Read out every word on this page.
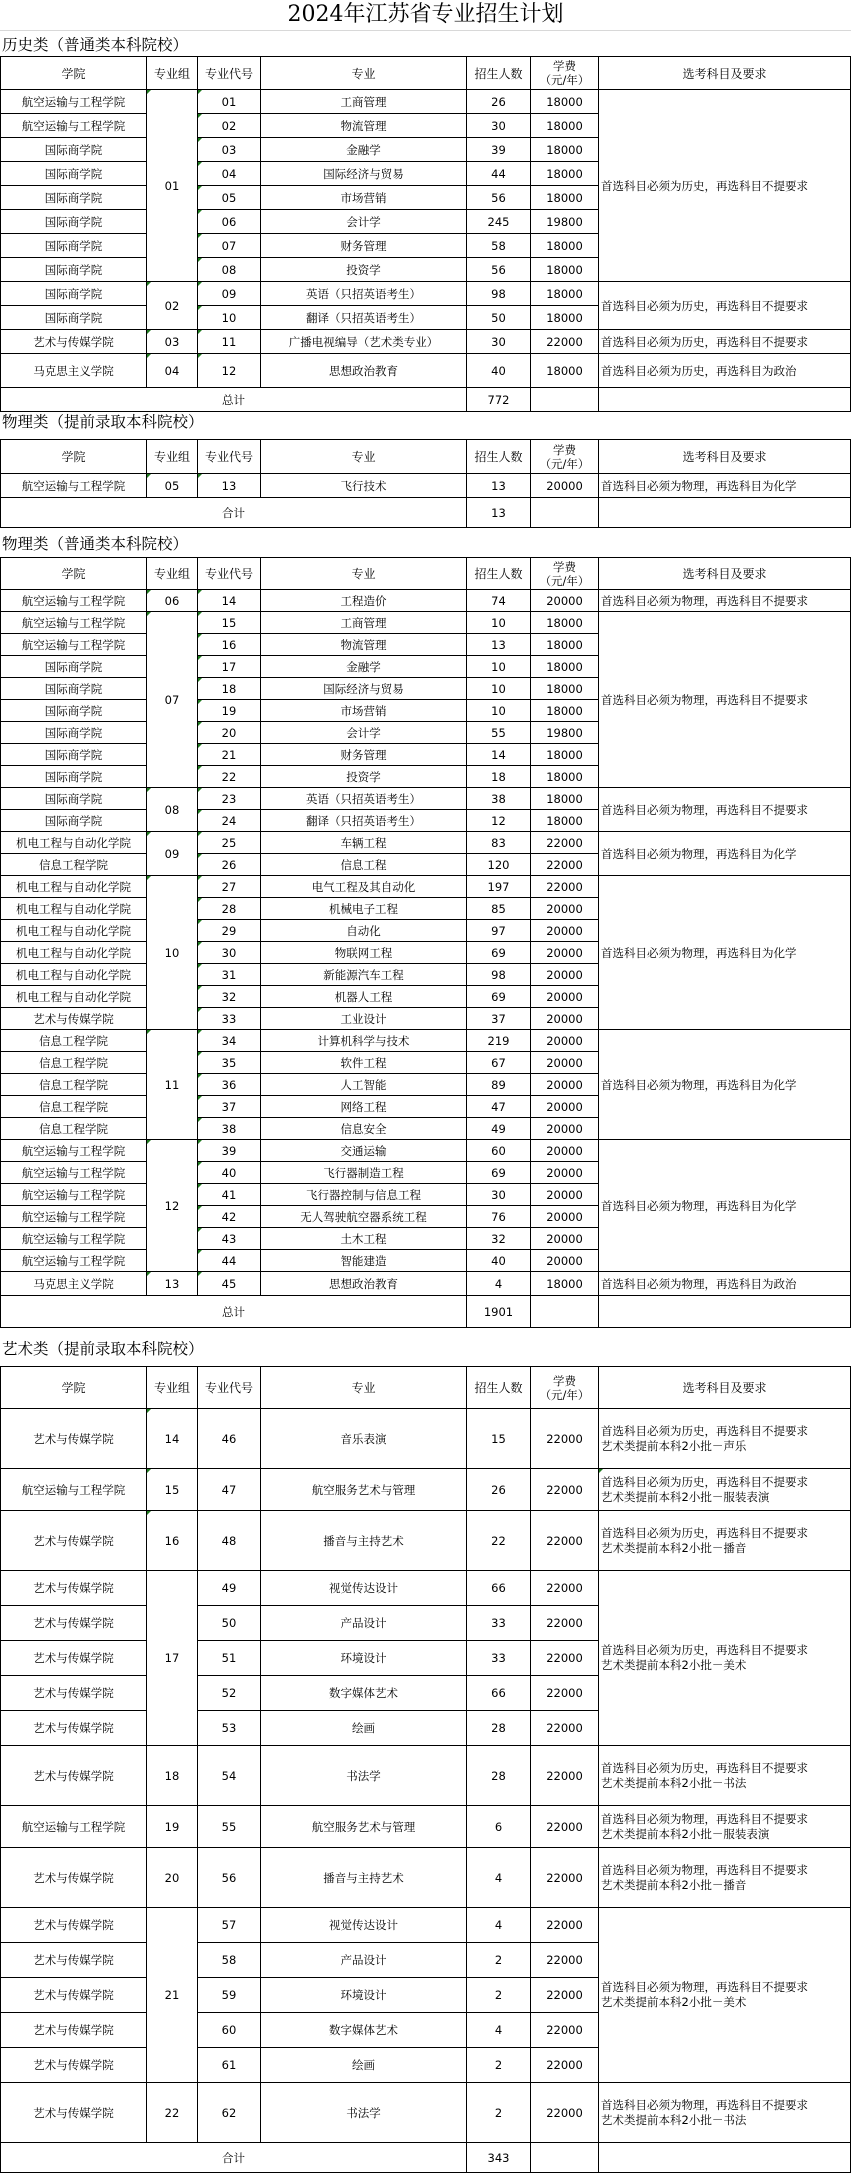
2024年江苏省专业招生计划
历史类（普通类本科院校）
学院	专业组	专业代号	专业	招生人数	学费
（元/年）	选考科目及要求
航空运输与工程学院	01	01	工商管理	26	18000	首选科目必须为历史，再选科目不提要求
航空运输与工程学院		02	物流管理	30	18000	
国际商学院		03	金融学	39	18000	
国际商学院		04	国际经济与贸易	44	18000	
国际商学院		05	市场营销	56	18000	
国际商学院		06	会计学	245	19800	
国际商学院		07	财务管理	58	18000	
国际商学院		08	投资学	56	18000	
国际商学院	02	09	英语（只招英语考生）	98	18000	首选科目必须为历史，再选科目不提要求
国际商学院		10	翻译（只招英语考生）	50	18000	
艺术与传媒学院	03	11	广播电视编导（艺术类专业）	30	22000	首选科目必须为历史，再选科目不提要求
马克思主义学院	04	12	思想政治教育	40	18000	首选科目必须为历史，再选科目为政治
总计				772		
物理类（提前录取本科院校）
学院	专业组	专业代号	专业	招生人数	学费
（元/年）	选考科目及要求
航空运输与工程学院	05	13	飞行技术	13	20000	首选科目必须为物理，再选科目为化学
合计				13		
物理类（普通类本科院校）
学院	专业组	专业代号	专业	招生人数	学费
（元/年）	选考科目及要求
航空运输与工程学院	06	14	工程造价	74	20000	首选科目必须为物理，再选科目不提要求
航空运输与工程学院	07	15	工商管理	10	18000	首选科目必须为物理，再选科目不提要求
航空运输与工程学院		16	物流管理	13	18000	
国际商学院		17	金融学	10	18000	
国际商学院		18	国际经济与贸易	10	18000	
国际商学院		19	市场营销	10	18000	
国际商学院		20	会计学	55	19800	
国际商学院		21	财务管理	14	18000	
国际商学院		22	投资学	18	18000	
国际商学院	08	23	英语（只招英语考生）	38	18000	首选科目必须为物理，再选科目不提要求
国际商学院		24	翻译（只招英语考生）	12	18000	
机电工程与自动化学院	09	25	车辆工程	83	22000	首选科目必须为物理，再选科目为化学
信息工程学院		26	信息工程	120	22000	
机电工程与自动化学院	10	27	电气工程及其自动化	197	22000	首选科目必须为物理，再选科目为化学
机电工程与自动化学院		28	机械电子工程	85	20000	
机电工程与自动化学院		29	自动化	97	20000	
机电工程与自动化学院		30	物联网工程	69	20000	
机电工程与自动化学院		31	新能源汽车工程	98	20000	
机电工程与自动化学院		32	机器人工程	69	20000	
艺术与传媒学院		33	工业设计	37	20000	
信息工程学院	11	34	计算机科学与技术	219	20000	首选科目必须为物理，再选科目为化学
信息工程学院		35	软件工程	67	20000	
信息工程学院		36	人工智能	89	20000	
信息工程学院		37	网络工程	47	20000	
信息工程学院		38	信息安全	49	20000	
航空运输与工程学院	12	39	交通运输	60	20000	首选科目必须为物理，再选科目为化学
航空运输与工程学院		40	飞行器制造工程	69	20000	
航空运输与工程学院		41	飞行器控制与信息工程	30	20000	
航空运输与工程学院		42	无人驾驶航空器系统工程	76	20000	
航空运输与工程学院		43	土木工程	32	20000	
航空运输与工程学院		44	智能建造	40	20000	
马克思主义学院	13	45	思想政治教育	4	18000	首选科目必须为物理，再选科目为政治
总计				1901		
艺术类（提前录取本科院校）
学院	专业组	专业代号	专业	招生人数	学费
（元/年）	选考科目及要求
艺术与传媒学院	14	46	音乐表演	15	22000	首选科目必须为历史，再选科目不提要求
艺术类提前本科2小批－声乐
航空运输与工程学院	15	47	航空服务艺术与管理	26	22000	首选科目必须为历史，再选科目不提要求
艺术类提前本科2小批－服装表演
艺术与传媒学院	16	48	播音与主持艺术	22	22000	首选科目必须为历史，再选科目不提要求
艺术类提前本科2小批－播音
艺术与传媒学院	17	49	视觉传达设计	66	22000	首选科目必须为历史，再选科目不提要求
艺术类提前本科2小批－美术
艺术与传媒学院		50	产品设计	33	22000	
艺术与传媒学院		51	环境设计	33	22000	
艺术与传媒学院		52	数字媒体艺术	66	22000	
艺术与传媒学院		53	绘画	28	22000	
艺术与传媒学院	18	54	书法学	28	22000	首选科目必须为历史，再选科目不提要求
艺术类提前本科2小批－书法
航空运输与工程学院	19	55	航空服务艺术与管理	6	22000	首选科目必须为物理，再选科目不提要求
艺术类提前本科2小批－服装表演
艺术与传媒学院	20	56	播音与主持艺术	4	22000	首选科目必须为物理，再选科目不提要求
艺术类提前本科2小批－播音
艺术与传媒学院	21	57	视觉传达设计	4	22000	首选科目必须为物理，再选科目不提要求
艺术类提前本科2小批－美术
艺术与传媒学院		58	产品设计	2	22000	
艺术与传媒学院		59	环境设计	2	22000	
艺术与传媒学院		60	数字媒体艺术	4	22000	
艺术与传媒学院		61	绘画	2	22000	
艺术与传媒学院	22	62	书法学	2	22000	首选科目必须为物理，再选科目不提要求
艺术类提前本科2小批－书法
合计				343		
